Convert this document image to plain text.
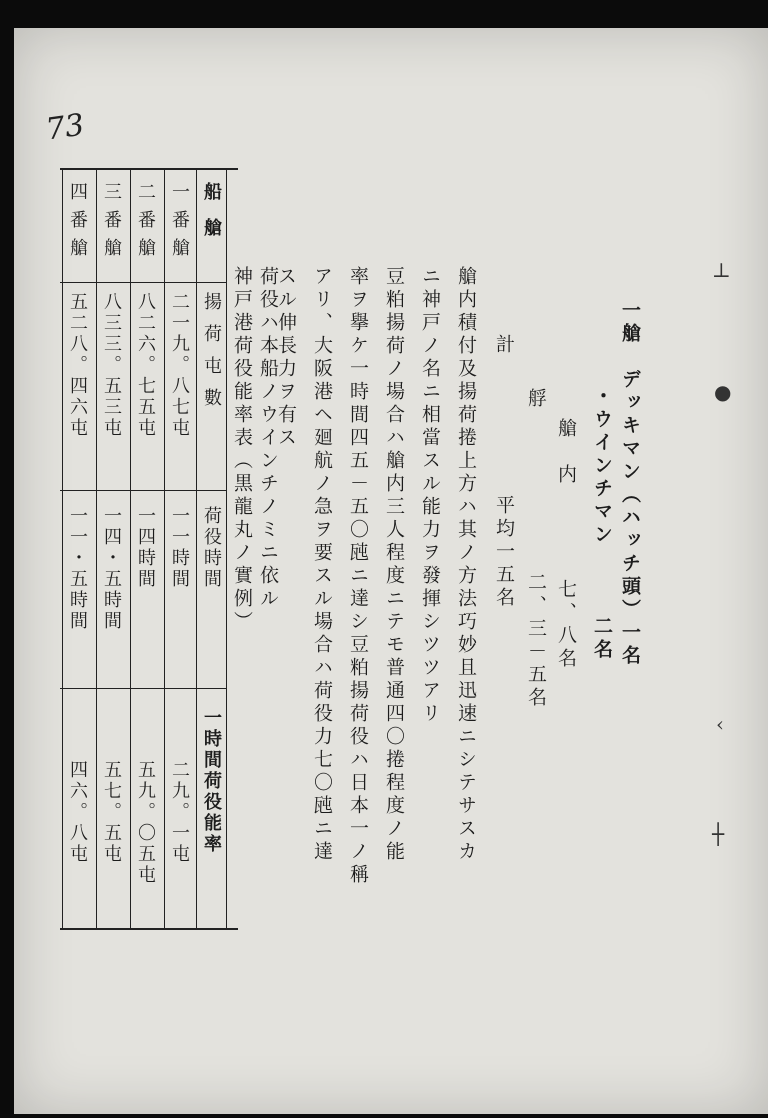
73
⊥
●
‹
┼
一艙　デッキマン（ハッチ頭）一名
・ウインチマン　　　二名
艙　内　　　　七、八名
艀　　　　　　　二、三－五名
計　　　　　　平均一五名
艙内積付及揚荷捲上方ハ其ノ方法巧妙且迅速ニシテサスカ
ニ神戸ノ名ニ相當スル能力ヲ發揮シツツアリ
豆粕揚荷ノ場合ハ艙内三人程度ニテモ普通四〇捲程度ノ能
率ヲ擧ケ一時間四五－五〇瓲ニ達シ豆粕揚荷役ハ日本一ノ稱
アリ、大阪港ヘ廻航ノ急ヲ要スル場合ハ荷役力七〇瓲ニ達
スル伸長力ヲ有ス
荷役ハ本船ノウインチノミニ依ル
神戸港荷役能率表（黒龍丸ノ實例）
船艙
揚荷屯數
荷役時間
一時間荷役能率
一番艙
二一九。八七屯
一一時間
二九。一屯
二番艙
八二六。七五屯
一四時間
五九。〇五屯
三番艙
八三三。五三屯
一四・五時間
五七。五屯
四番艙
五二八。四六屯
一一・五時間
四六。八屯
